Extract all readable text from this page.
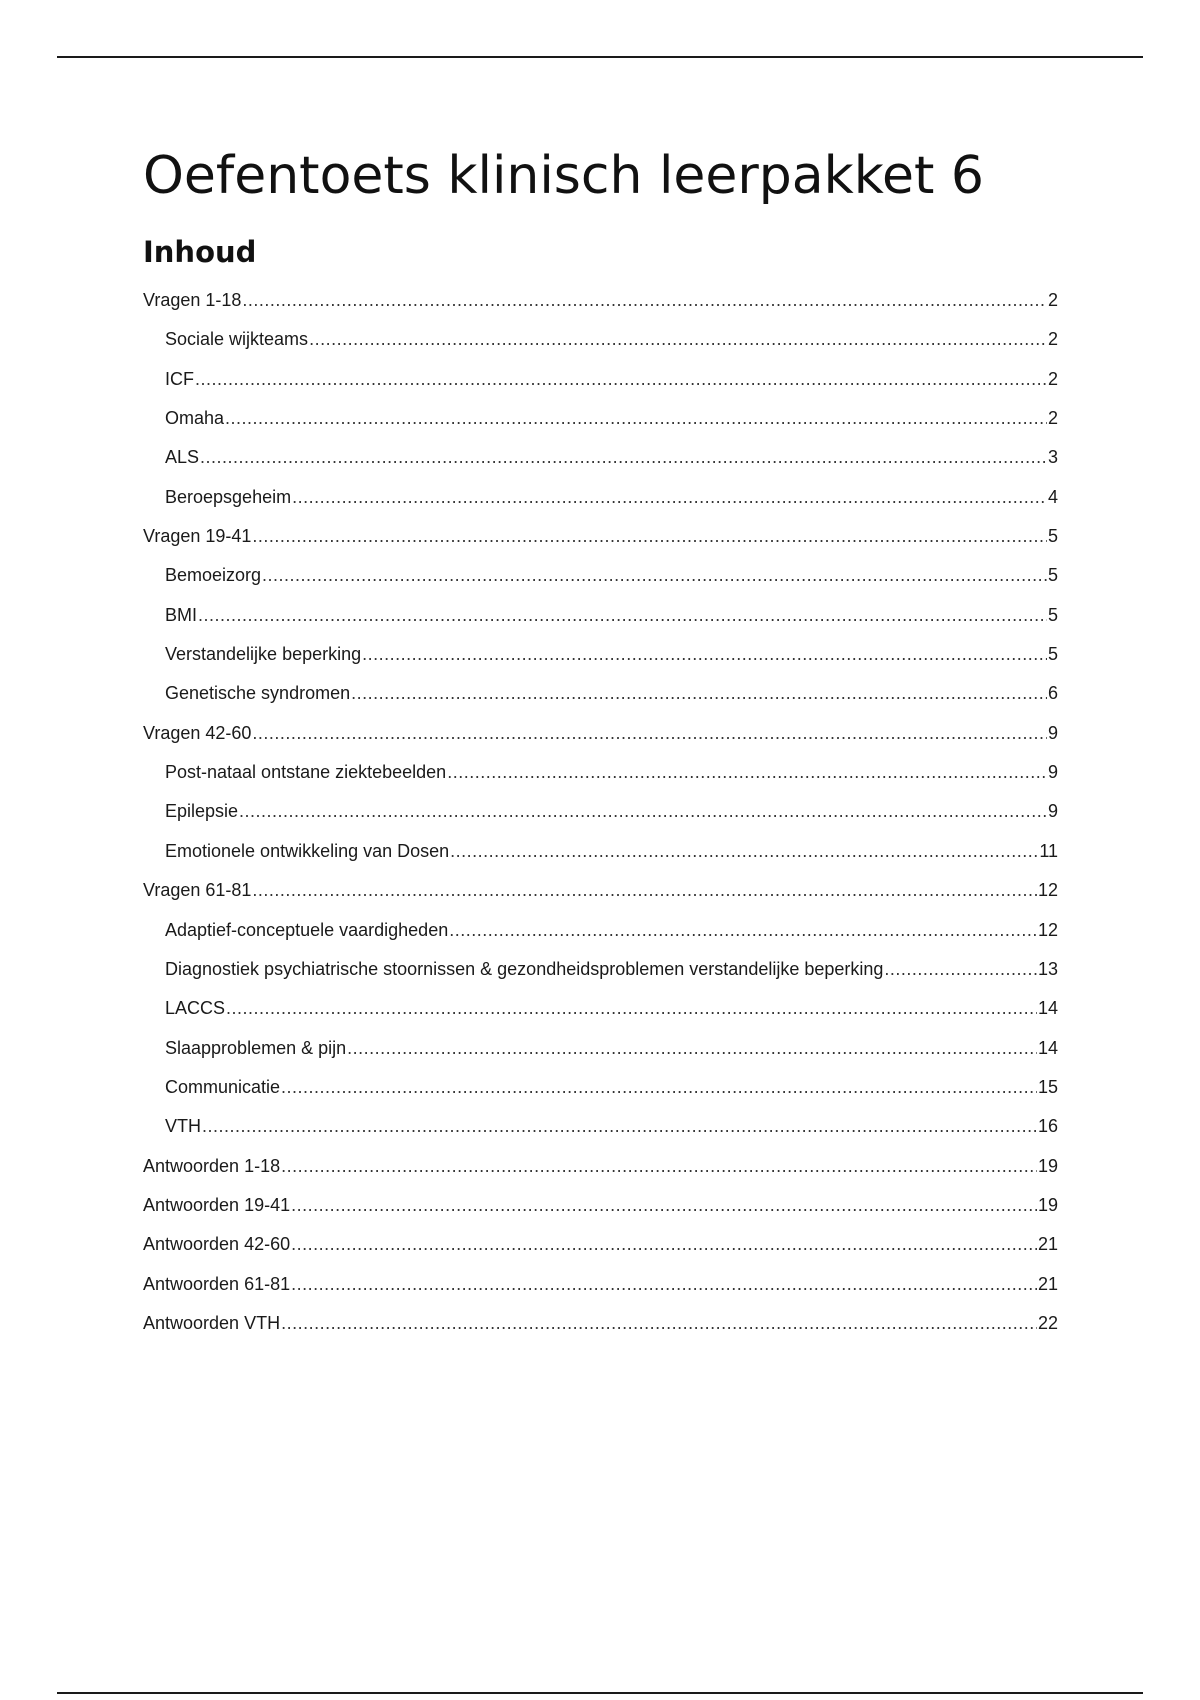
Oefentoets klinisch leerpakket 6
Inhoud
Vragen 1-18 .....	2
Sociale wijkteams .....	2
ICF .....	2
Omaha .....	2
ALS .....	3
Beroepsgeheim .....	4
Vragen 19-41 .....	5
Bemoeizorg .....	5
BMI .....	5
Verstandelijke beperking .....	5
Genetische syndromen .....	6
Vragen 42-60 .....	9
Post-nataal ontstane ziektebeelden .....	9
Epilepsie .....	9
Emotionele ontwikkeling van Dosen .....	11
Vragen 61-81 .....	12
Adaptief-conceptuele vaardigheden .....	12
Diagnostiek psychiatrische stoornissen & gezondheidsproblemen verstandelijke beperking .....	13
LACCS .....	14
Slaapproblemen & pijn .....	14
Communicatie .....	15
VTH .....	16
Antwoorden 1-18 .....	19
Antwoorden 19-41 .....	19
Antwoorden 42-60 .....	21
Antwoorden 61-81 .....	21
Antwoorden VTH .....	22
